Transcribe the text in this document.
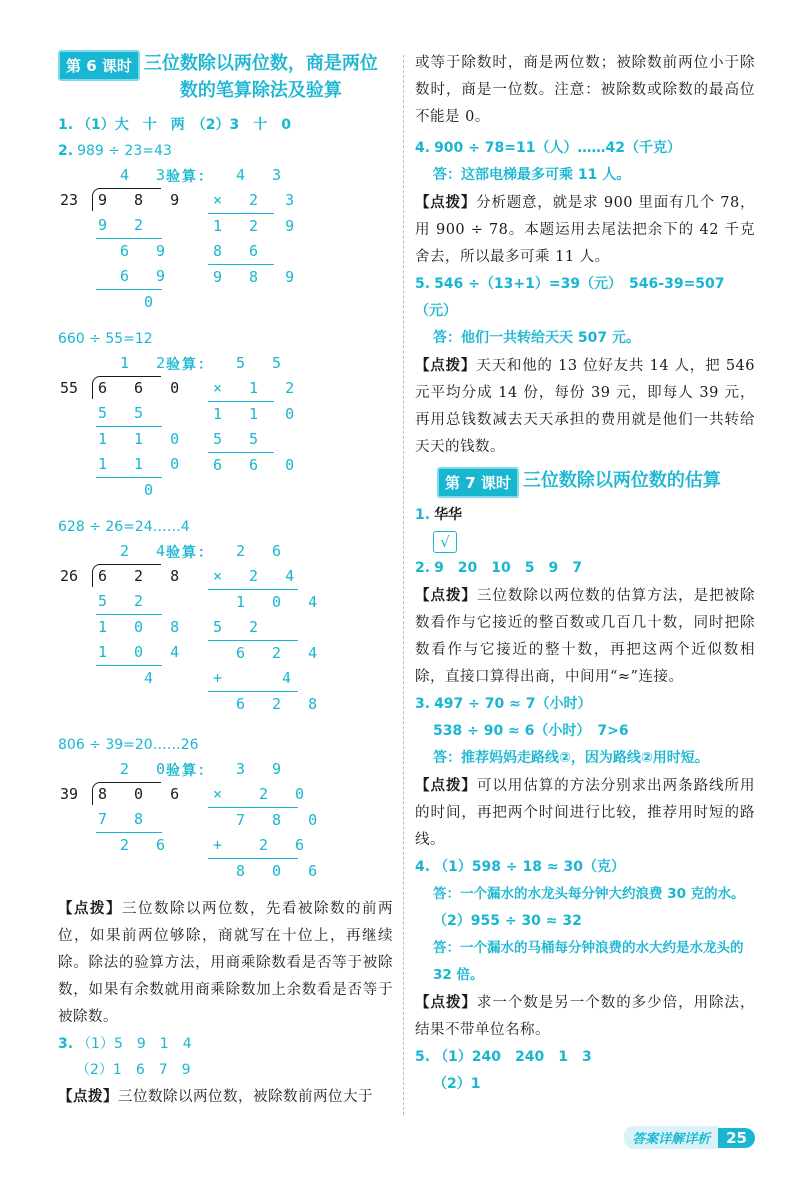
第 6 课时 三位数除以两位数，商是两位
数的笔算除法及验算
1. （1）大　十　两　（2）3　十　0
2. 989 ÷ 23=43
4 3
验算：
23 9 8 9
9 2
6 9
6 9
0
4 3
× 2 3
1 2 9
8 6
9 8 9
660 ÷ 55=12
1 2
验算：
55 6 6 0
5 5
1 1 0
1 1 0
0
5 5
× 1 2
1 1 0
5 5
6 6 0
628 ÷ 26=24……4
2 4
验算：
26 6 2 8
5 2
1 0 8
1 0 4
4
2 6
× 2 4
1 0 4
5 2
6 2 4
+	4
6 2 8
806 ÷ 39=20……26
2 0
验算：
39 8 0 6
7 8
2 6
3 9
× 2 0
7 8 0
+ 2 6
8 0 6
【点拨】三位数除以两位数，先看被除数的前两位，如果前两位够除，商就写在十位上，再继续除。除法的验算方法，用商乘除数看是否等于被除数，如果有余数就用商乘除数加上余数看是否等于被除数。
3. （1）5　9　1　4
（2）1　6　7　9
【点拨】三位数除以两位数，被除数前两位大于
或等于除数时，商是两位数；被除数前两位小于除数时，商是一位数。注意：被除数或除数的最高位不能是 0。
4. 900 ÷ 78=11（人）……42（千克）
答：这部电梯最多可乘 11 人。
【点拨】分析题意，就是求 900 里面有几个 78，用 900 ÷ 78。本题运用去尾法把余下的 42 千克舍去，所以最多可乘 11 人。
5. 546 ÷（13+1）=39（元）　546-39=507（元）
答：他们一共转给天天 507 元。
【点拨】天天和他的 13 位好友共 14 人，把 546 元平均分成 14 份，每份 39 元，即每人 39 元，再用总钱数减去天天承担的费用就是他们一共转给天天的钱数。
第 7 课时 三位数除以两位数的估算
1. 华华
√
2. 9　20　10　5　9　7
【点拨】三位数除以两位数的估算方法，是把被除数看作与它接近的整百数或几百几十数，同时把除数看作与它接近的整十数，再把这两个近似数相除，直接口算得出商，中间用“≈”连接。
3. 497 ÷ 70 ≈ 7（小时）
538 ÷ 90 ≈ 6（小时）　7>6
答：推荐妈妈走路线②，因为路线②用时短。
【点拨】可以用估算的方法分别求出两条路线所用的时间，再把两个时间进行比较，推荐用时短的路线。
4. （1）598 ÷ 18 ≈ 30（克）
答：一个漏水的水龙头每分钟大约浪费 30 克的水。
（2）955 ÷ 30 ≈ 32
答：一个漏水的马桶每分钟浪费的水大约是水龙头的 32 倍。
【点拨】求一个数是另一个数的多少倍，用除法，结果不带单位名称。
5. （1）240　240　1　3
（2）1
答案详解详析	25
